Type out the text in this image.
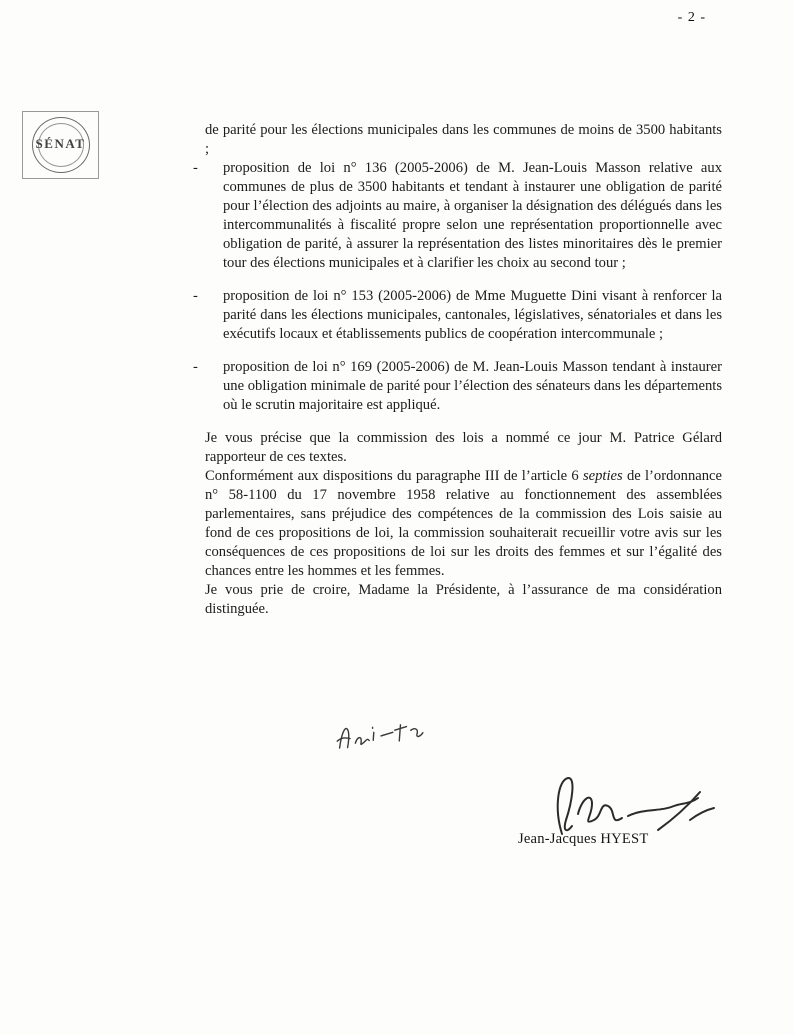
- 2 -
SÉNAT

de parité pour les élections municipales dans les communes de moins de 3500 habitants ;

- proposition de loi n° 136 (2005-2006) de M. Jean-Louis Masson relative aux communes de plus de 3500 habitants et tendant à instaurer une obligation de parité pour l’élection des adjoints au maire, à organiser la désignation des délégués dans les intercommunalités à fiscalité propre selon une représentation proportionnelle avec obligation de parité, à assurer la représentation des listes minoritaires dès le premier tour des élections municipales et à clarifier les choix au second tour ;

- proposition de loi n° 153 (2005-2006) de Mme Muguette Dini visant à renforcer la parité dans les élections municipales, cantonales, législatives, sénatoriales et dans les exécutifs locaux et établissements publics de coopération intercommunale ;

- proposition de loi n° 169 (2005-2006) de M. Jean-Louis Masson tendant à instaurer une obligation minimale de parité pour l’élection des sénateurs dans les départements où le scrutin majoritaire est appliqué.

Je vous précise que la commission des lois a nommé ce jour M. Patrice Gélard rapporteur de ces textes.

Conformément aux dispositions du paragraphe III de l’article 6 septies de l’ordonnance n° 58-1100 du 17 novembre 1958 relative au fonctionnement des assemblées parlementaires, sans préjudice des compétences de la commission des Lois saisie au fond de ces propositions de loi, la commission souhaiterait recueillir votre avis sur les conséquences de ces propositions de loi sur les droits des femmes et sur l’égalité des chances entre les hommes et les femmes.

Je vous prie de croire, Madame la Présidente, à l’assurance de ma considération distinguée.

Jean-Jacques HYEST
